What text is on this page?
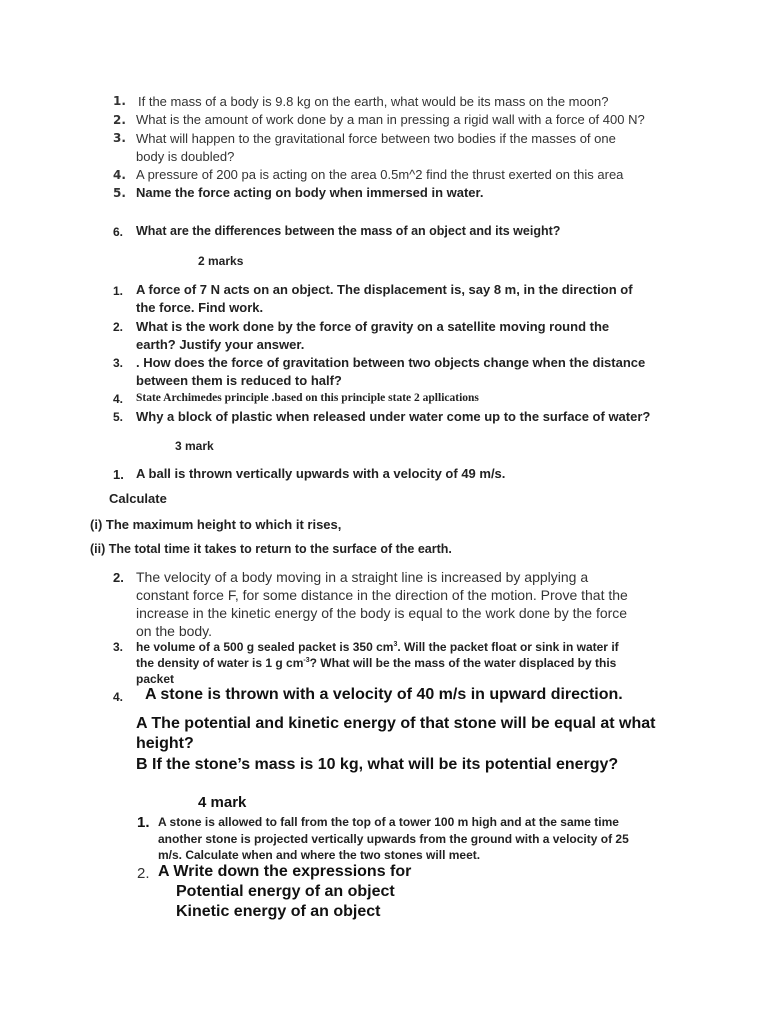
1. If the mass of a body is 9.8 kg on the earth, what would be its mass on the moon?
2. What is the amount of work done by a man in pressing a rigid wall with a force of 400 N?
3. What will happen to the gravitational force between two bodies if the masses of one
body is doubled?
4. A pressure of 200 pa is acting on the area 0.5m^2 find the thrust exerted on this area
5. Name the force acting on body when immersed in water.
6. What are the differences between the mass of an object and its weight?
2 marks
1. A force of 7 N acts on an object. The displacement is, say 8 m, in the direction of
the force. Find work.
2. What is the work done by the force of gravity on a satellite moving round the
earth? Justify your answer.
3. . How does the force of gravitation between two objects change when the distance
between them is reduced to half?
4. State Archimedes principle .based on this principle state 2 apllications
5. Why a block of plastic when released under water come up to the surface of water?
3 mark
1. A ball is thrown vertically upwards with a velocity of 49 m/s.
Calculate
(i) The maximum height to which it rises,
(ii) The total time it takes to return to the surface of the earth.
2. The velocity of a body moving in a straight line is increased by applying a
constant force F, for some distance in the direction of the motion. Prove that the
increase in the kinetic energy of the body is equal to the work done by the force
on the body.
3. he volume of a 500 g sealed packet is 350 $cm^3$. Will the packet float or sink in water if
the density of water is 1 g $cm^{-3}$? What will be the mass of the water displaced by this
packet
4. A stone is thrown with a velocity of 40 m/s in upward direction.
A The potential and kinetic energy of that stone will be equal at what
height?
B If the stone’s mass is 10 kg, what will be its potential energy?
4 mark
1. A stone is allowed to fall from the top of a tower 100 m high and at the same time
another stone is projected vertically upwards from the ground with a velocity of 25
m/s. Calculate when and where the two stones will meet.
2. A Write down the expressions for
Potential energy of an object
Kinetic energy of an object
